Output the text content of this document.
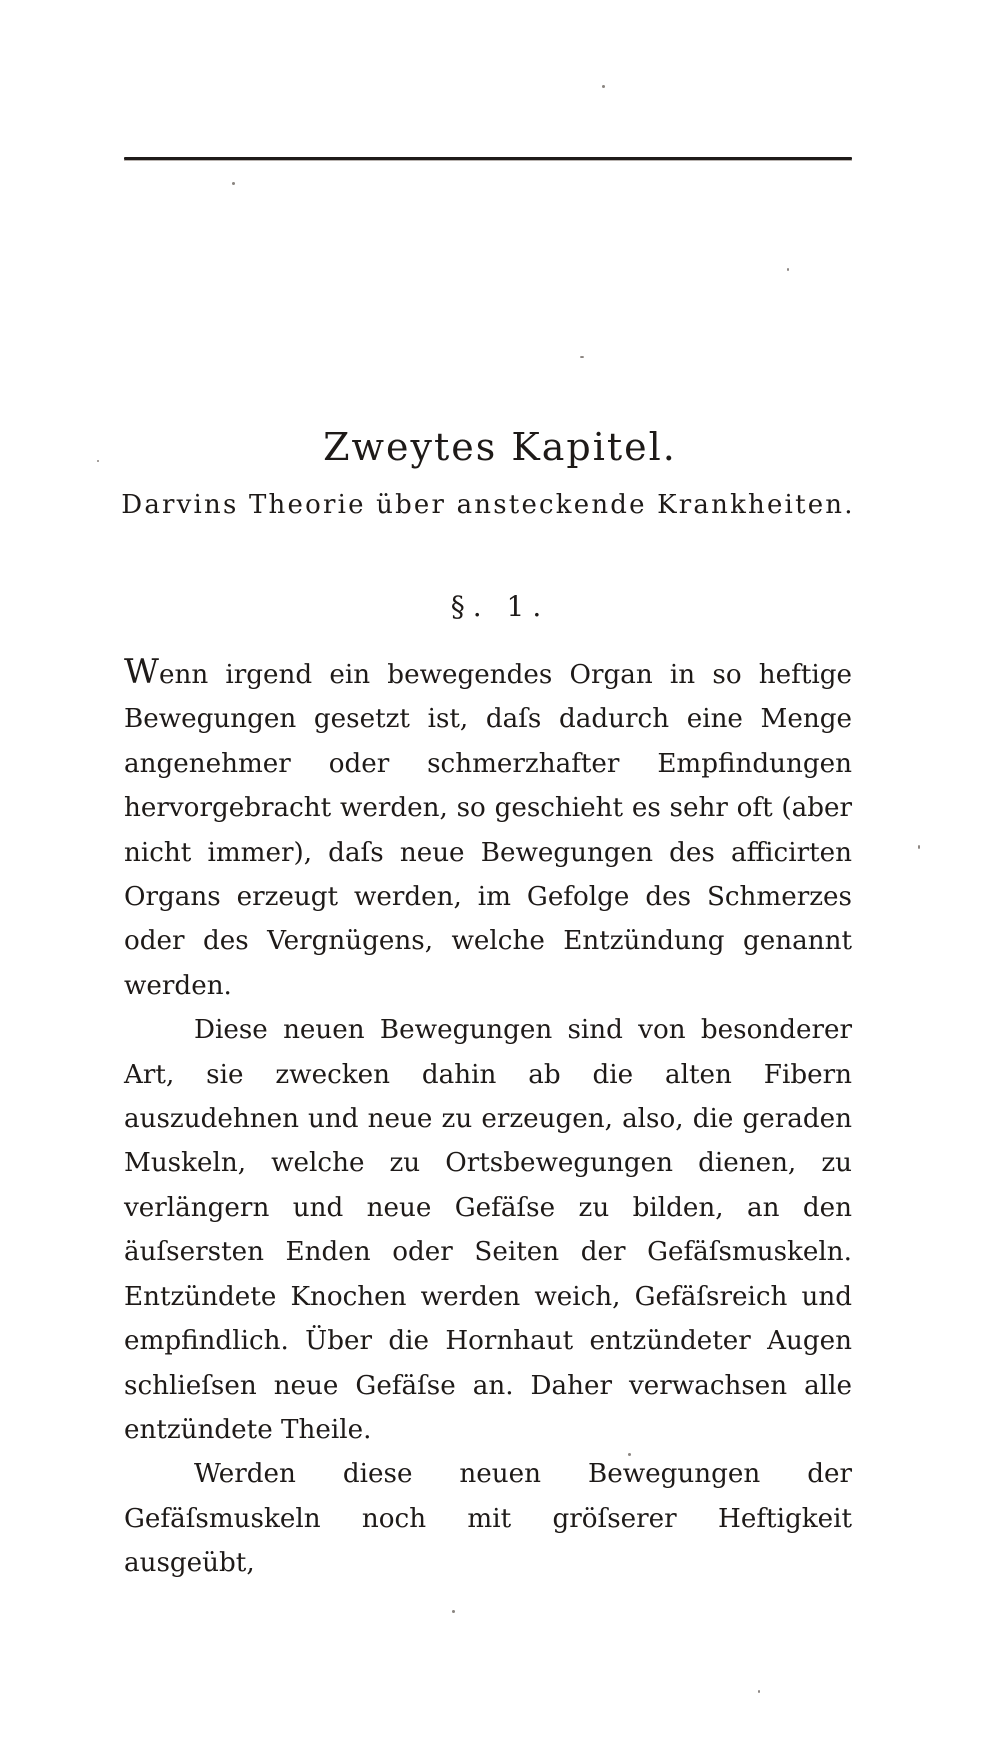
Zweytes Kapitel.
Darvins Theorie über ansteckende Krankheiten.
§. 1.

Wenn irgend ein bewegendes Organ in so heftige Bewegungen gesetzt ist, daſs dadurch eine Menge angenehmer oder schmerzhafter Empfindungen hervorgebracht werden, so geschieht es sehr oft (aber nicht immer), daſs neue Bewegungen des afficirten Organs erzeugt werden, im Gefolge des Schmerzes oder des Vergnügens, welche Entzündung genannt werden.

Diese neuen Bewegungen sind von besonderer Art, sie zwecken dahin ab die alten Fibern auszudehnen und neue zu erzeugen, also, die geraden Muskeln, welche zu Ortsbewegungen dienen, zu verlängern und neue Gefäſse zu bilden, an den äuſsersten Enden oder Seiten der Gefäſsmuskeln. Entzündete Knochen werden weich, Gefäſsreich und empfindlich. Über die Hornhaut entzündeter Augen schlieſsen neue Gefäſse an. Daher verwachsen alle entzündete Theile.

Werden diese neuen Bewegungen der Gefäſsmuskeln noch mit gröſserer Heftigkeit ausgeübt,
